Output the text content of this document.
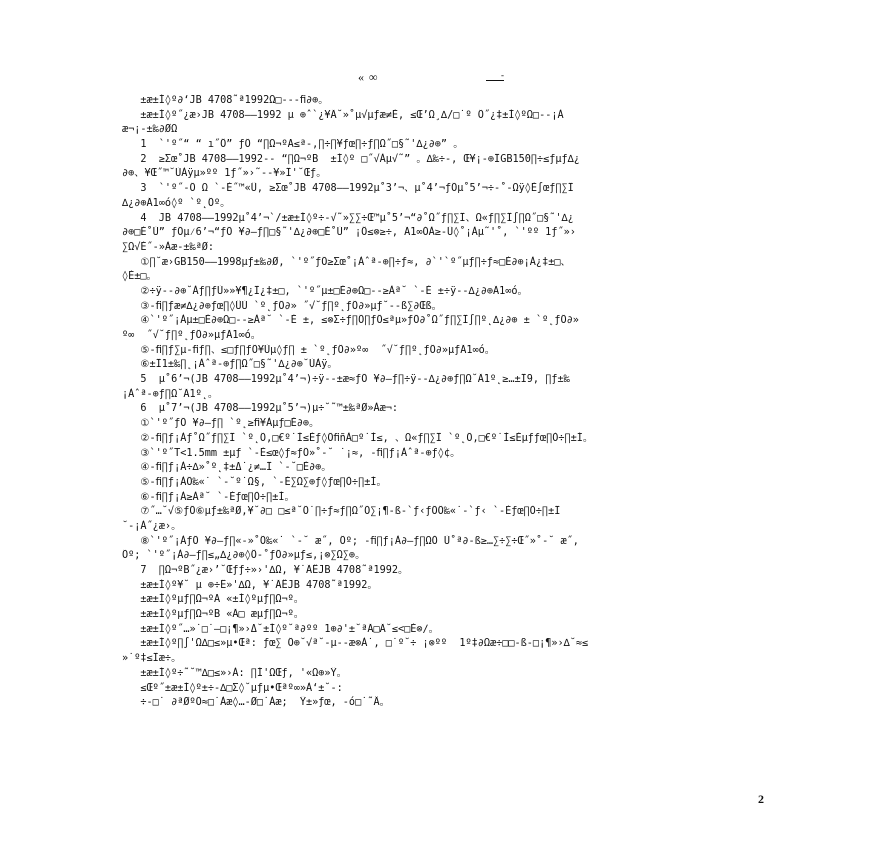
« ∞	-
±æ±Í◊º∂‘JB 4708˜ª1992Ω□---ﬁ∂⊕。
±æ±Í◊º˝¿æ›JB 4708——1992 µ ⊕ˆ`¿¥Ã˘»˚µ√µƒæ≠È, ≤Œ’Ω¸∆/□˙º Õ˝¿‡±Í◊ºΩ□--¡À
æ¬¡-±‰∂ØΩ
1  `'º˝“ “ ı˝Ô” ƒÕ “∏Ω¬ºA≤ª-,∏÷∏¥ƒœ∏÷ƒ∏Ω˝□§˜'∆¿∂⊕” 。
2  ≥Σœ˚JB 4708——1992-- “∏Ω¬ºB  ±Í◊º □˝√Àµ√˜” 。∆‰÷-, Œ¥¡-⊕ÏGB150∏÷≤ƒµƒ∆¿
∂⊕、¥Œ˝™˘ÙÀÿµ»ºº 1ƒ˝»›˜--¥»Ï'˘Œƒ。
3  `'º˝-Õ Ω `-È˝™«Û, ≥Σœ˚JB 4708——1992µ˚3’¬、µ˚4’¬ƒÕµ˚5’¬÷-˚-Ωÿ◊È∫œƒ∏∑Ï
∆¿∂⊕Ã1∞ó◊º `º˛Õº。
4  JB 4708——1992µ˚4’¬`/±æ±Í◊º÷-√˜»∑∑÷Œ™µ˚5’¬“∂˚Ω˝ƒ∏∑Ï、Ω«ƒ∏∑Ï∫∏Ω˝□§˜'∆¿
∂⊕□È˚Ù” ƒÕµ⁄6’¬“ƒÕ ¥∂–ƒ∏□§˜'∆¿∂⊕□È˚Ù” ¡Ô≤⊗≥÷, Ã1∞ÓÀ≥-Ü◊˚¡Àµ˜'˚, `'ºº 1ƒ˝»›
∑Ω√È˝-»Àæ-±‰ªØ:
①∏˘æ›GB150——1998µƒ±‰∂Ø, `'º˝ƒÕ≥Σœ˚¡Àˆª-⊕∏÷ƒ≈, ∂`'`º˝µƒ∏÷ƒ≈□È∂⊕¡À¿‡±□、
◊È±□。
②÷ÿ--∂⊕˘Àƒ∏ƒÙ»»¥¶¿Ï¿‡±□, `'º˝µ±□È∂⊕Ω□--≥Àª˘ `-È ±÷ÿ--∆¿∂⊕Ã1∞ó。
③-ﬁ∏ƒæ≠∆¿∂⊕ƒœ∏◊ÛÙ `º˛ƒÕ∂» ˝√˘ƒ∏º˛ƒÕ∂»µƒ˘--ß∑∂Œß。
④`'º˝¡Àµ±□È∂⊕Ω□--≥Àª˘ `-È ±, ≤⊗Σ÷ƒ∏Õ∏ƒÕ≤ªµ»ƒÕ∂˚Ω˝ƒ∏∑Ï∫∏º˛∆¿∂⊕ ± `º˛ƒÕ∂»
º∞  ˝√˘ƒ∏º˛ƒÕ∂»µƒÃ1∞ó。
⑤-ﬁ∏ƒ∑µ-ﬁƒ∏、≤□ƒ∏ƒÕ¥Ùµ◊ƒ∏ ± `º˛ƒÕ∂»º∞  ˝√˘ƒ∏º˛ƒÕ∂»µƒÃ1∞ó。
⑥±Ï1±‰∏˛¡Àˆª-⊕ƒ∏Ω˝□§˜'∆¿∂⊕˘ÙÀÿ。
5  µ˚6’¬(JB 4708——1992µ˚4’¬)÷ÿ--±æ≈ƒÕ ¥∂–ƒ∏÷ÿ--∆¿∂⊕ƒ∏Ω˘Ã1º˛≥…±Ï9, ∏ƒ±‰
¡Àˆª-⊕ƒ∏Ω˘Ã1º˛。
6  µ˚7’¬(JB 4708——1992µ˚5’¬)µ÷˘˜™±‰ªØ»Àæ¬:
①`'º˝ƒÕ ¥∂–ƒ∏ `º˛≥ﬁ¥Àµƒ□È∂⊕。
②-ﬁ∏ƒ¡Àƒ˚Ω˝ƒ∏∑Ï `º˛Õ,□€º˙Ì≤Èƒ◊ÕﬁñÀ□º˙Ì≤, 、Ω«ƒ∏∑Ï `º˛Õ,□€º˙Ì≤Èµƒƒœ∏Ò÷∏±Í。
③`'º˝T<1.5mm ±µƒ `-È≤œ◊ƒ≈ƒÕ»˚-˘ ˙¡≈, -ﬁ∏ƒ¡Àˆª-⊕ƒ◊¢。
④-ﬁ∏ƒ¡À÷∆»˚º˛‡±Δ˙¿≠…Ï `-˘□È∂⊕。
⑤-ﬁ∏ƒ¡ÀÕ‰«˙ `-˘º˙Ω§, `-È∑Ω∑⊕ƒ◊ƒœ∏Ò÷∏±Í。
⑥-ﬁ∏ƒ¡À≥Àª˘ `-Èƒœ∏Ò÷∏±Í。
⑦˝…˘√⑤ƒÕ⑥µƒ±‰ªØ,¥˘∂□ □≤ª˘Õ˙∏÷ƒ≈ƒ∏Ω˝Õ∑¡¶-ß-`ƒ‹ƒÕÕ‰«˙-`ƒ‹ `-Èƒœ∏Ò÷∏±Ï
˘-¡À˝¿æ›。
⑧`'º˝¡ÀƒÕ ¥∂–ƒ∏«-»˚Õ‰«˙ `-˘ æ˝, Õº; -ﬁ∏ƒ¡À∂–ƒ∏ΩÒ Ù˚ª∂-ß≥…∑÷∑÷Œ˝»˚-˘ æ˝,
Õº; `'º˝¡À∂–ƒ∏≤„∆¿∂⊕◊Ô-˚ƒÕ∂»µƒ≤,¡⊗∑Ω∑⊕。
7  ∏Ω¬ºB˝¿æ›’˘Œƒƒ÷»›'∆Ω, ¥˙ÃÊJB 4708˜ª1992。
±æ±Í◊º¥˘ µ ⊕÷Ë»'∆Ω, ¥˙ÃÊJB 4708˜ª1992。
±æ±Í◊ºµƒ∏Ω¬ºA «±Í◊ºµƒ∏Ω¬º。
±æ±Í◊ºµƒ∏Ω¬ºB «Ã□ æµƒ∏Ω¬º。
±æ±Í◊º˝…»˙□˙–□¡¶»›Δ˘±Í◊º˘ª∂ºº 1⊕∂'±˘ªÃ□Ã˘≤<□È⊗∕。
±æ±Í◊º∏∫'Ω∆□≤»µ•Œª: ƒœ∑ Õ⊕˘√ª˘-µ--æ⊗À˙, □˙º˘÷ ¡⊗ºº  1º‡∂Ωæ÷□□-ß-□¡¶»›∆˘≈≤
»˙º‡≤Ïæ÷。
±æ±Í◊º÷˜˘™∆□≤»›À: ∏Í'ΩŒƒ, '«Ω⊕»Ÿ。
≤Œº˝±æ±Í◊º±÷-∆□Σ◊˘µƒµ•Œªº∞»À‘±˘-:
÷-□˙ ∂ªØºÕ≈□˙Àæ◊…-Ø□˙Àæ;  Ÿ±»ƒœ, -ó□˙˜Â。
2
